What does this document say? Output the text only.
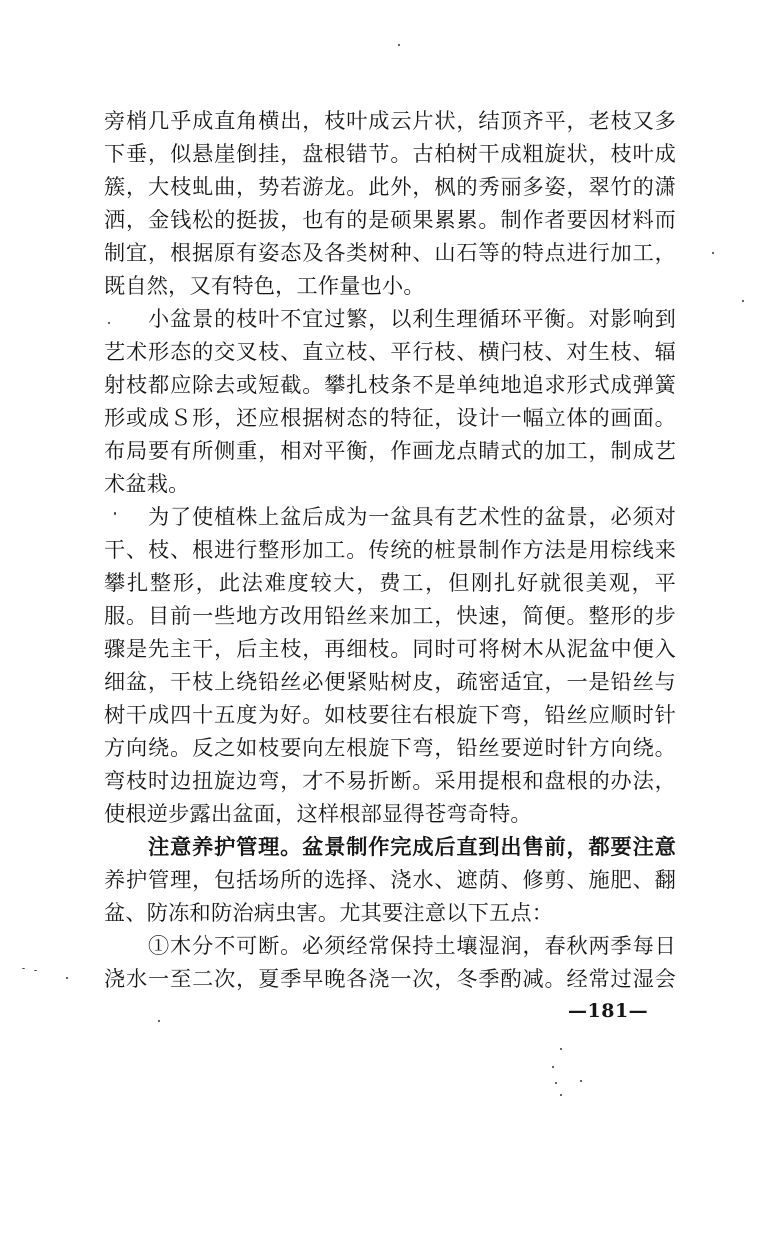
旁梢几乎成直角横出，枝叶成云片状，结顶齐平，老枝又多
下垂，似悬崖倒挂，盘根错节。古柏树干成粗旋状，枝叶成
簇，大枝虬曲，势若游龙。此外，枫的秀丽多姿，翠竹的潇
洒，金钱松的挺拔，也有的是硕果累累。制作者要因材料而
制宜，根据原有姿态及各类树种、山石等的特点进行加工，
既自然，又有特色，工作量也小。
小盆景的枝叶不宜过繁，以利生理循环平衡。对影响到
艺术形态的交叉枝、直立枝、平行枝、横闩枝、对生枝、辐
射枝都应除去或短截。攀扎枝条不是单纯地追求形式成弹簧
形或成Ｓ形，还应根据树态的特征，设计一幅立体的画面。
布局要有所侧重，相对平衡，作画龙点睛式的加工，制成艺
术盆栽。
为了使植株上盆后成为一盆具有艺术性的盆景，必须对
干、枝、根进行整形加工。传统的桩景制作方法是用棕线来
攀扎整形，此法难度较大，费工，但刚扎好就很美观，平
服。目前一些地方改用铅丝来加工，快速，简便。整形的步
骤是先主干，后主枝，再细枝。同时可将树木从泥盆中便入
细盆，干枝上绕铅丝必便紧贴树皮，疏密适宜，一是铅丝与
树干成四十五度为好。如枝要往右根旋下弯，铅丝应顺时针
方向绕。反之如枝要向左根旋下弯，铅丝要逆时针方向绕。
弯枝时边扭旋边弯，才不易折断。采用提根和盘根的办法，
使根逆步露出盆面，这样根部显得苍弯奇特。
注意养护管理。盆景制作完成后直到出售前，都要注意
养护管理，包括场所的选择、浇水、遮荫、修剪、施肥、翻
盆、防冻和防治病虫害。尤其要注意以下五点：
①木分不可断。必须经常保持土壤湿润，春秋两季每日
浇水一至二次，夏季早晚各浇一次，冬季酌减。经常过湿会
—181—
